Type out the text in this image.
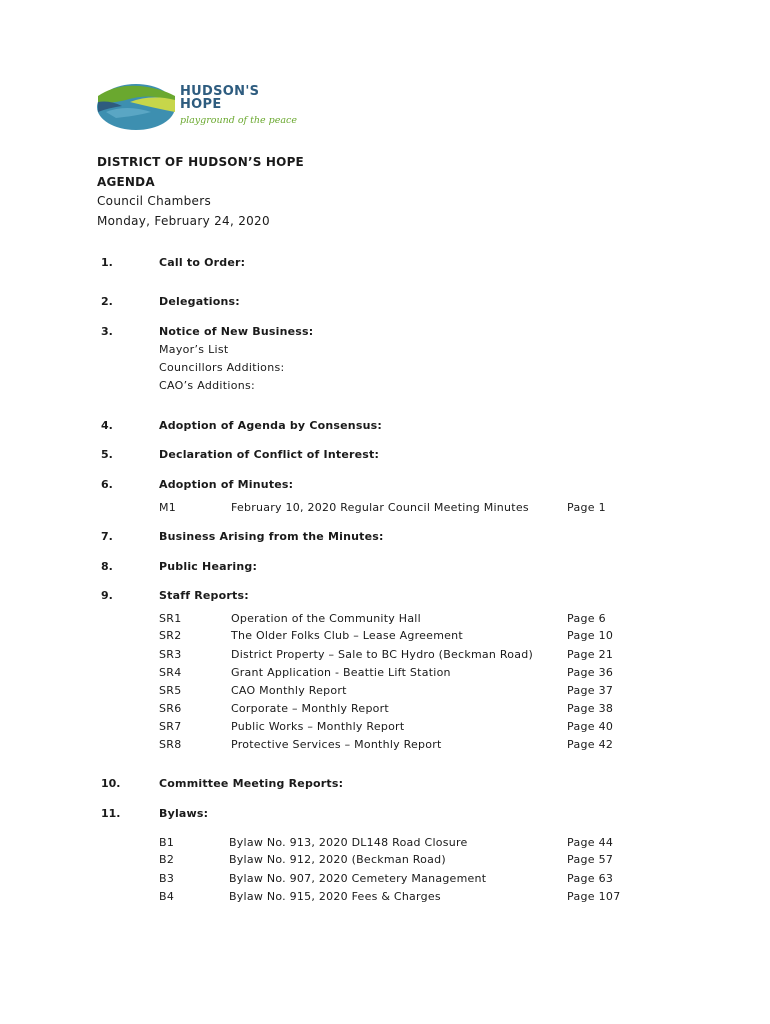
HUDSON'S
HOPE
playground of the peace
DISTRICT OF HUDSON’S HOPE
AGENDA
Council Chambers
Monday, February 24, 2020
1.	Call to Order:
2.	Delegations:
3.	Notice of New Business:
Mayor’s List
Councillors Additions:
CAO’s Additions:
4.	Adoption of Agenda by Consensus:
5.	Declaration of Conflict of Interest:
6.	Adoption of Minutes:
M1	February 10, 2020 Regular Council Meeting Minutes	Page 1
7.	Business Arising from the Minutes:
8.	Public Hearing:
9.	Staff Reports:
SR1	Operation of the Community Hall	Page 6
SR2	The Older Folks Club – Lease Agreement	Page 10
SR3	District Property – Sale to BC Hydro (Beckman Road)	Page 21
SR4	Grant Application - Beattie Lift Station	Page 36
SR5	CAO Monthly Report	Page 37
SR6	Corporate – Monthly Report	Page 38
SR7	Public Works – Monthly Report	Page 40
SR8	Protective Services – Monthly Report	Page 42
10.	Committee Meeting Reports:
11.	Bylaws:
B1	Bylaw No. 913, 2020 DL148 Road Closure	Page 44
B2	Bylaw No. 912, 2020 (Beckman Road)	Page 57
B3	Bylaw No. 907, 2020 Cemetery Management	Page 63
B4	Bylaw No. 915, 2020 Fees & Charges	Page 107
